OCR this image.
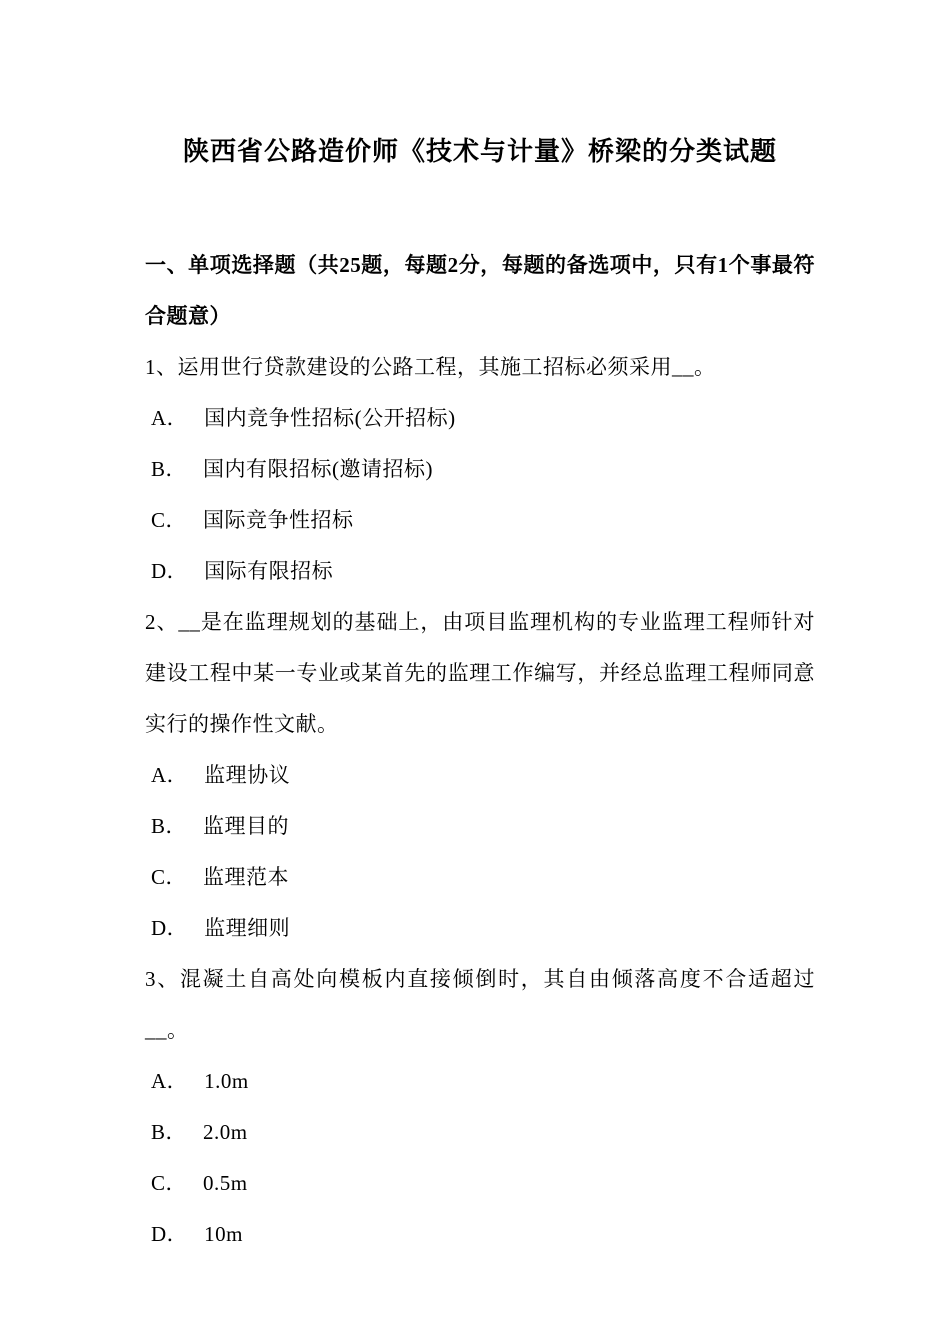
陕西省公路造价师《技术与计量》桥梁的分类试题
一、单项选择题（共25题，每题2分，每题的备选项中，只有1个事最符合题意）

1、运用世行贷款建设的公路工程，其施工招标必须采用__。

A． 国内竞争性招标(公开招标)

B． 国内有限招标(邀请招标)

C． 国际竞争性招标

D． 国际有限招标

2、__是在监理规划的基础上，由项目监理机构的专业监理工程师针对建设工程中某一专业或某首先的监理工作编写，并经总监理工程师同意实行的操作性文献。

A． 监理协议

B． 监理目的

C． 监理范本

D． 监理细则

3、混凝土自高处向模板内直接倾倒时，其自由倾落高度不合适超过__。

A． 1.0m

B． 2.0m

C． 0.5m

D． 10m
